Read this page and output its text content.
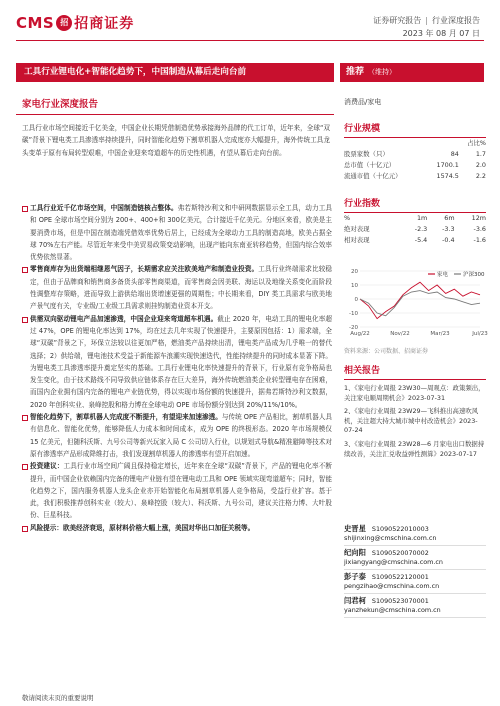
CMS 招 招商证券	证券研究报告 | 行业深度报告
2023 年 08 月 07 日
工具行业锂电化+智能化趋势下，中国制造从幕后走向台前	推荐 （维持）
家电行业深度报告

工具行业市场空间接近千亿美金，中国企业长期凭借制造优势承接海外品牌的代工订单，近年来，全球“双碳”背景下锂电类工具渗透率持续提升，同时智能化趋势下割草机器人完成度亦大幅提升，海外传统工具龙头变革于原有布局转型艰难，中国企业迎来弯道超车的历史性机遇，有望从幕后走向台前。

工具行业近千亿市场空间，中国制造链核占整体。弗若斯特沙利文和中研网数据显示全工具，动力工具和 OPE 全球市场空间分别为 200+、400+和 300亿美元，合计接近千亿美元。分地区来看，欧美是主要消费市场，但是中国在制造端凭借效率优势后居上，已经成为全球动力工具的制造高地，欧美占据全球 70%左右产能。尽管近年来受中美贸易政策变动影响，出现产能向东南亚转移趋势，但国内综合效率优势依然显著。
零售商库存为出货端相继恩气因子，长期需求应关注欧美地产和制造业投资。工具行业终端需求比较稳定，但由于品牌商和销售商多备货头部零售商渠道，而零售商会因美联、海运以及地缘关系变化而阶段性调整库存策略，进而导致上游供给端出货增速更强的周期性；中长期来看，DIY 类工具需求与欧美地产景气度有关，专业级/工业级工具需求则挂钩制造业资本开支。
供需双向驱动锂电产品加速渗透，中国企业迎来弯道超车机遇。截止 2020 年，电动工具的锂电化率超过 47%，OPE 的锂电化率达到 17%，均在过去几年实现了快速提升，主要原因包括：1）需求端，全球“双碳”背景之下，环保立法较以往更加严格，燃油类产品持续出清，锂电类产品成为几乎唯一的替代选择；2）供给端，锂电池技术受益于新能源车浪潮实现快速迭代，性能持续提升的同时成本显著下降。为锂电类工具渗透率提升奠定坚实的基础。工具行业锂电化率快速提升的背景下，行业原有竞争格局也发生变化，由于技术路线不同导致供应链体系存在巨大差异，海外传统燃油类企业转型锂电存在困难，而国内企业拥有国内完备的锂电产业链优势，得以实现市场份额的快速提升，据弗若斯特沙利文数据，2020 年创科实业、泉峰控股和格力博在全球电动 OPE 市场份额分别达到 20%/11%/10%。
智能化趋势下，割草机器人完成度不断提升，有望迎来加速渗透。与传统 OPE 产品相比，割草机器人具有信息化、智能化优势，能够降低人力成本和时间成本，成为 OPE 的终极形态。2020 年市场规模仅 15 亿美元，但随科沃斯、九号公司等新兴玩家入局 C 公司切入行业，以规划式导航&精准避障等技术对原有渗透率产品形成降维打击，我们发现割草机器人的渗透率有望开启加速。
投资建议：工具行业市场空间广阔且保持稳定增长，近年来在全球“双碳”背景下，产品的锂电化率不断提升，而中国企业依赖国内完备的锂电产业链有望在锂电动工具和 OPE 领域实现弯道超车；同时，智能化趋势之下，国内服务机器人龙头企业亦开始智能化布局割草机器人竞争格局，受益行业扩容。基于此，我们积极推荐创科实业（较大）、泉峰控股（较大）、科沃斯、九号公司，建议关注格力博、大叶股份、巨星科技。
风险提示：欧美经济衰退，原材料价格大幅上涨，美国对华出口加征关税等。
消费品/家电
行业规模
		占比%
股票家数（只）	84	1.7
总市值（十亿元）	1700.1	2.0
流通市值（十亿元）	1574.5	2.2
行业指数
%	1m	6m	12m
绝对表现	-2.3	-3.3	-3.6
相对表现	-5.4	-0.4	-1.6
20
10
0
-10
-20
Aug/22	Nov/22	Mar/23	Jul/23
家电	沪深300
资料来源：公司数据、招商证券
相关报告
1、《家电行业周报 23W30—周观点：政策频出，关注家电顺周期机会》2023-07-31
2、《家电行业周报 23W29—飞科推出高速吹风机，关注超大持大城市城中村改造机会》2023-07-24
3、《家电行业周报 23W28—6 月家电出口数据持续改善，关注汇兑收益弹性测算》2023-07-17
史晋星 S1090522010003
shijinxing@cmschina.com.cn
纪向阳 S1090520070002
jixiangyang@cmschina.com.cn
彭子泰 S1090522120001
pengzihao@cmschina.com.cn
闫君柯 S1090523070001
yanzhekun@cmschina.com.cn
敬请阅读末页的重要说明
